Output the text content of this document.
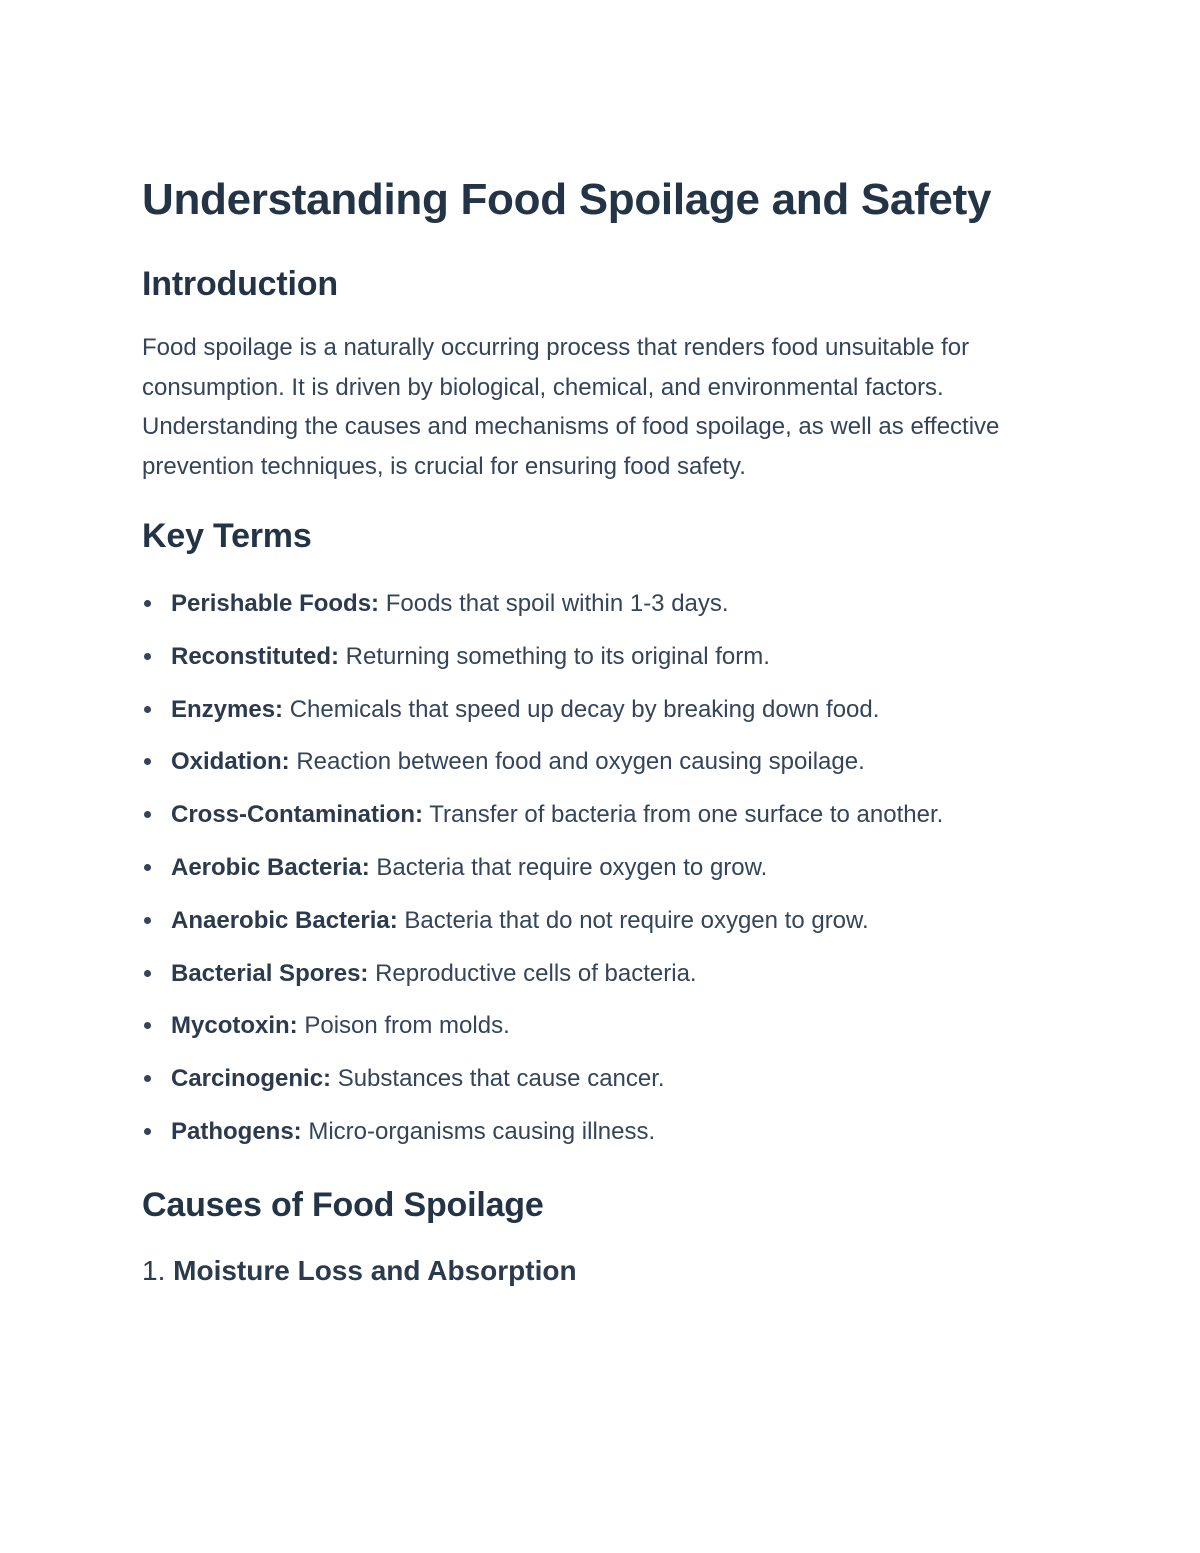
Understanding Food Spoilage and Safety
Introduction

Food spoilage is a naturally occurring process that renders food unsuitable for consumption. It is driven by biological, chemical, and environmental factors. Understanding the causes and mechanisms of food spoilage, as well as effective prevention techniques, is crucial for ensuring food safety.

Key Terms
Perishable Foods: Foods that spoil within 1-3 days.
Reconstituted: Returning something to its original form.
Enzymes: Chemicals that speed up decay by breaking down food.
Oxidation: Reaction between food and oxygen causing spoilage.
Cross-Contamination: Transfer of bacteria from one surface to another.
Aerobic Bacteria: Bacteria that require oxygen to grow.
Anaerobic Bacteria: Bacteria that do not require oxygen to grow.
Bacterial Spores: Reproductive cells of bacteria.
Mycotoxin: Poison from molds.
Carcinogenic: Substances that cause cancer.
Pathogens: Micro-organisms causing illness.
Causes of Food Spoilage
1. Moisture Loss and Absorption
